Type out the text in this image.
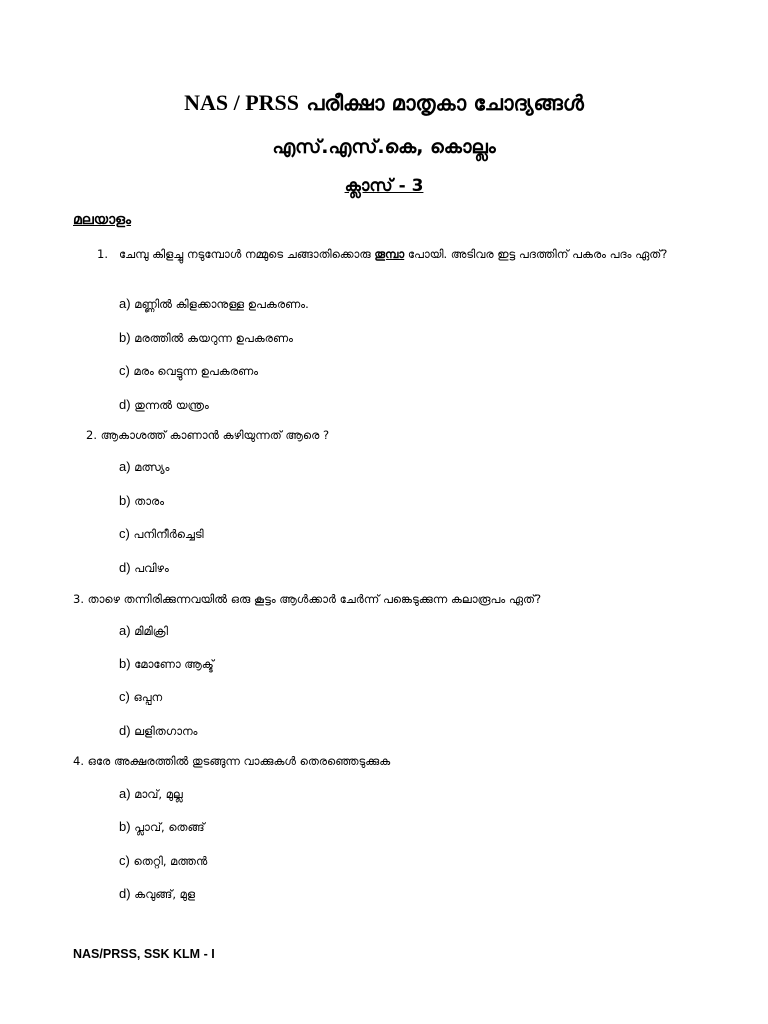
NAS / PRSS പരീക്ഷാ മാതൃകാ ചോദ്യങ്ങൾ
എസ്.എസ്.കെ, കൊല്ലം
ക്ലാസ് - 3
മലയാളം
1. ചേമ്പു കിളച്ചു നടുമ്പോൾ നമ്മുടെ ചങ്ങാതിക്കൊരു തൂമ്പാ പോയി. അടിവര ഇട്ട പദത്തിന് പകരം പദം ഏത്?
a) മണ്ണിൽ കിളക്കാനുള്ള ഉപകരണം.
b) മരത്തിൽ കയറുന്ന ഉപകരണം
c) മരം വെട്ടുന്ന ഉപകരണം
d) തുന്നൽ യന്ത്രം
2. ആകാശത്ത് കാണാൻ കഴിയുന്നത് ആരെ ?
a) മത്സ്യം
b) താരം
c) പനിനീർച്ചെടി
d) പവിഴം
3. താഴെ തന്നിരിക്കുന്നവയിൽ ഒരു കൂട്ടം ആൾക്കാർ ചേർന്ന് പങ്കെടുക്കുന്ന കലാരൂപം ഏത്?
a) മിമിക്രി
b) മോണോ ആക്ട്
c) ഒപ്പന
d) ലളിതഗാനം
4. ഒരേ അക്ഷരത്തിൽ തുടങ്ങുന്ന വാക്കുകൾ തെരഞ്ഞെടുക്കുക
a) മാവ്, മുല്ല
b) പ്ലാവ്, തെങ്ങ്
c) തെറ്റി, മത്തൻ
d) കവുങ്ങ്, മുള
NAS/PRSS, SSK KLM - I
